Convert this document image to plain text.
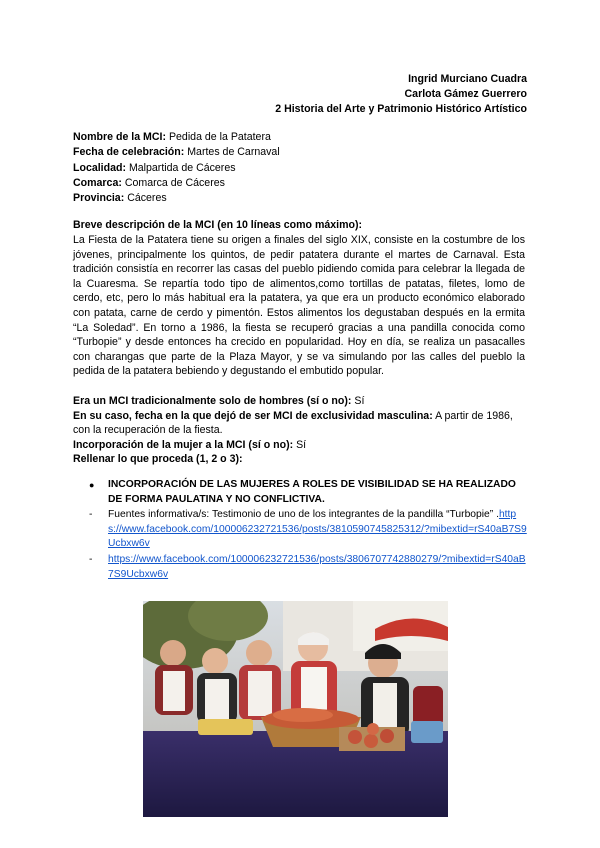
Ingrid Murciano Cuadra
Carlota Gámez Guerrero
2 Historia del Arte y Patrimonio Histórico Artístico
Nombre de la MCI: Pedida de la Patatera
Fecha de celebración: Martes de Carnaval
Localidad: Malpartida de Cáceres
Comarca: Comarca de Cáceres
Provincia: Cáceres
Breve descripción de la MCI (en 10 líneas como máximo):
La Fiesta de la Patatera tiene su origen a finales del siglo XIX, consiste en la costumbre de los jóvenes, principalmente los quintos, de pedir patatera durante el martes de Carnaval. Esta tradición consistía en recorrer las casas del pueblo pidiendo comida para celebrar la llegada de la Cuaresma. Se repartía todo tipo de alimentos,como tortillas de patatas, filetes, lomo de cerdo, etc, pero lo más habitual era la patatera, ya que era un producto económico elaborado con patata, carne de cerdo y pimentón. Estos alimentos los degustaban después en la ermita “La Soledad”. En torno a 1986, la fiesta se recuperó gracias a una pandilla conocida como “Turbopie” y desde entonces ha crecido en popularidad. Hoy en día, se realiza un pasacalles con charangas que parte de la Plaza Mayor, y se va simulando por las calles del pueblo la pedida de la patatera bebiendo y degustando el embutido popular.
Era un MCI tradicionalmente solo de hombres (sí o no): Sí
En su caso, fecha en la que dejó de ser MCI de exclusividad masculina: A partir de 1986, con la recuperación de la fiesta.
Incorporación de la mujer a la MCI (sí o no): Sí
Rellenar lo que proceda (1, 2 o 3):
●	INCORPORACIÓN DE LAS MUJERES A ROLES DE VISIBILIDAD SE HA REALIZADO DE FORMA PAULATINA Y NO CONFLICTIVA.
-	Fuentes informativa/s: Testimonio de uno de los integrantes de la pandilla “Turbopie” .https://www.facebook.com/100006232721536/posts/3810590745825312/?mibextid=rS40aB7S9Ucbxw6v
-	https://www.facebook.com/100006232721536/posts/3806707742880279/?mibextid=rS40aB7S9Ucbxw6v
